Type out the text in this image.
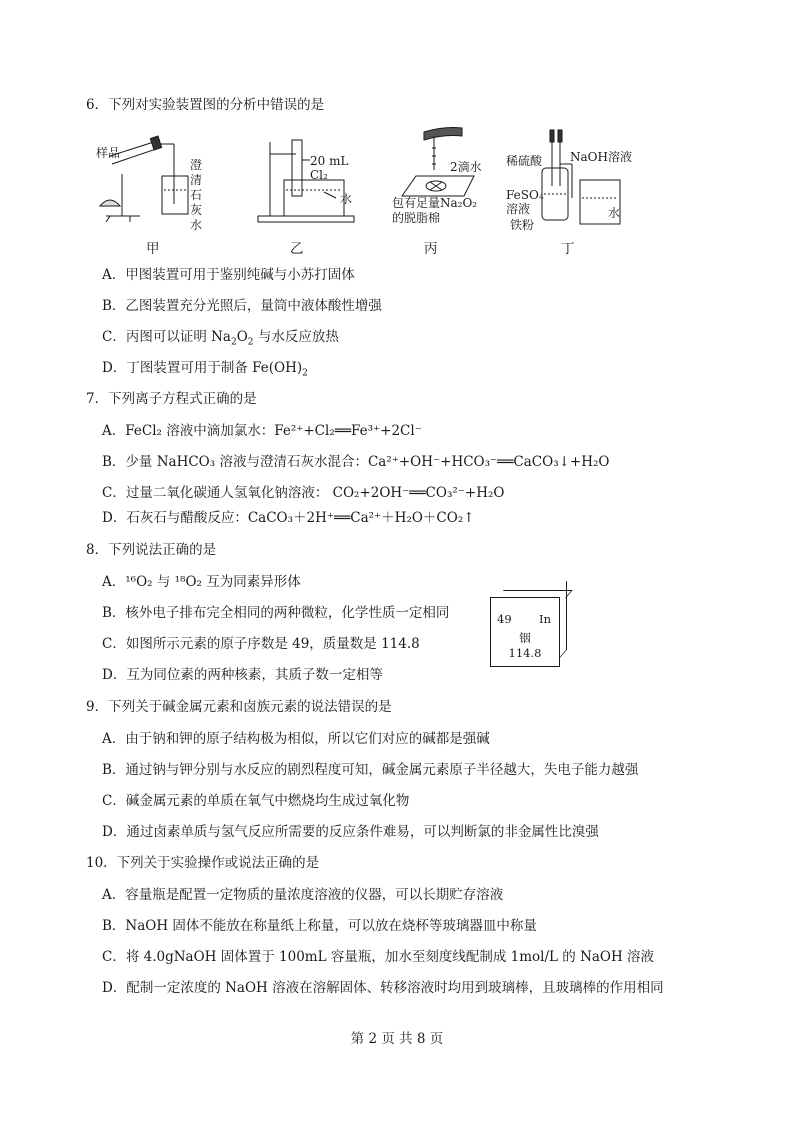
6．下列对实验装置图的分析中错误的是
样品
澄清石灰水
甲
20 mL Cl₂
水
乙
2滴水
包有足量Na₂O₂的脱脂棉
丙
稀硫酸 NaOH溶液
FeSO₄溶液
铁粉
水
丁
A．甲图装置可用于鉴别纯碱与小苏打固体
B．乙图装置充分光照后，量筒中液体酸性增强
C．丙图可以证明 $Na_2O_2$ 与水反应放热
D．丁图装置可用于制备 $Fe(OH)_2$
7．下列离子方程式正确的是
A．FeCl₂ 溶液中滴加氯水：Fe²⁺+Cl₂══Fe³⁺+2Cl⁻
B．少量 NaHCO₃ 溶液与澄清石灰水混合：Ca²⁺+OH⁻+HCO₃⁻══CaCO₃↓+H₂O
C．过量二氧化碳通人氢氧化钠溶液： CO₂+2OH⁻══CO₃²⁻+H₂O
D．石灰石与醋酸反应：CaCO₃＋2H⁺══Ca²⁺＋H₂O＋CO₂↑
8．下列说法正确的是
A．¹⁶O₂ 与 ¹⁸O₂ 互为同素异形体
B．核外电子排布完全相同的两种微粒，化学性质一定相同
C．如图所示元素的原子序数是 49，质量数是 114.8
D．互为同位素的两种核素，其质子数一定相等
49 In
铟
114.8
9．下列关于碱金属元素和卤族元素的说法错误的是
A．由于钠和钾的原子结构极为相似，所以它们对应的碱都是强碱
B．通过钠与钾分别与水反应的剧烈程度可知，碱金属元素原子半径越大，失电子能力越强
C．碱金属元素的单质在氧气中燃烧均生成过氧化物
D．通过卤素单质与氢气反应所需要的反应条件难易，可以判断氯的非金属性比溴强
10．下列关于实验操作或说法正确的是
A．容量瓶是配置一定物质的量浓度溶液的仪器，可以长期贮存溶液
B．NaOH 固体不能放在称量纸上称量，可以放在烧杯等玻璃器皿中称量
C．将 4.0gNaOH 固体置于 100mL 容量瓶，加水至刻度线配制成 1mol/L 的 NaOH 溶液
D．配制一定浓度的 NaOH 溶液在溶解固体、转移溶液时均用到玻璃棒，且玻璃棒的作用相同
第 2 页 共 8 页
